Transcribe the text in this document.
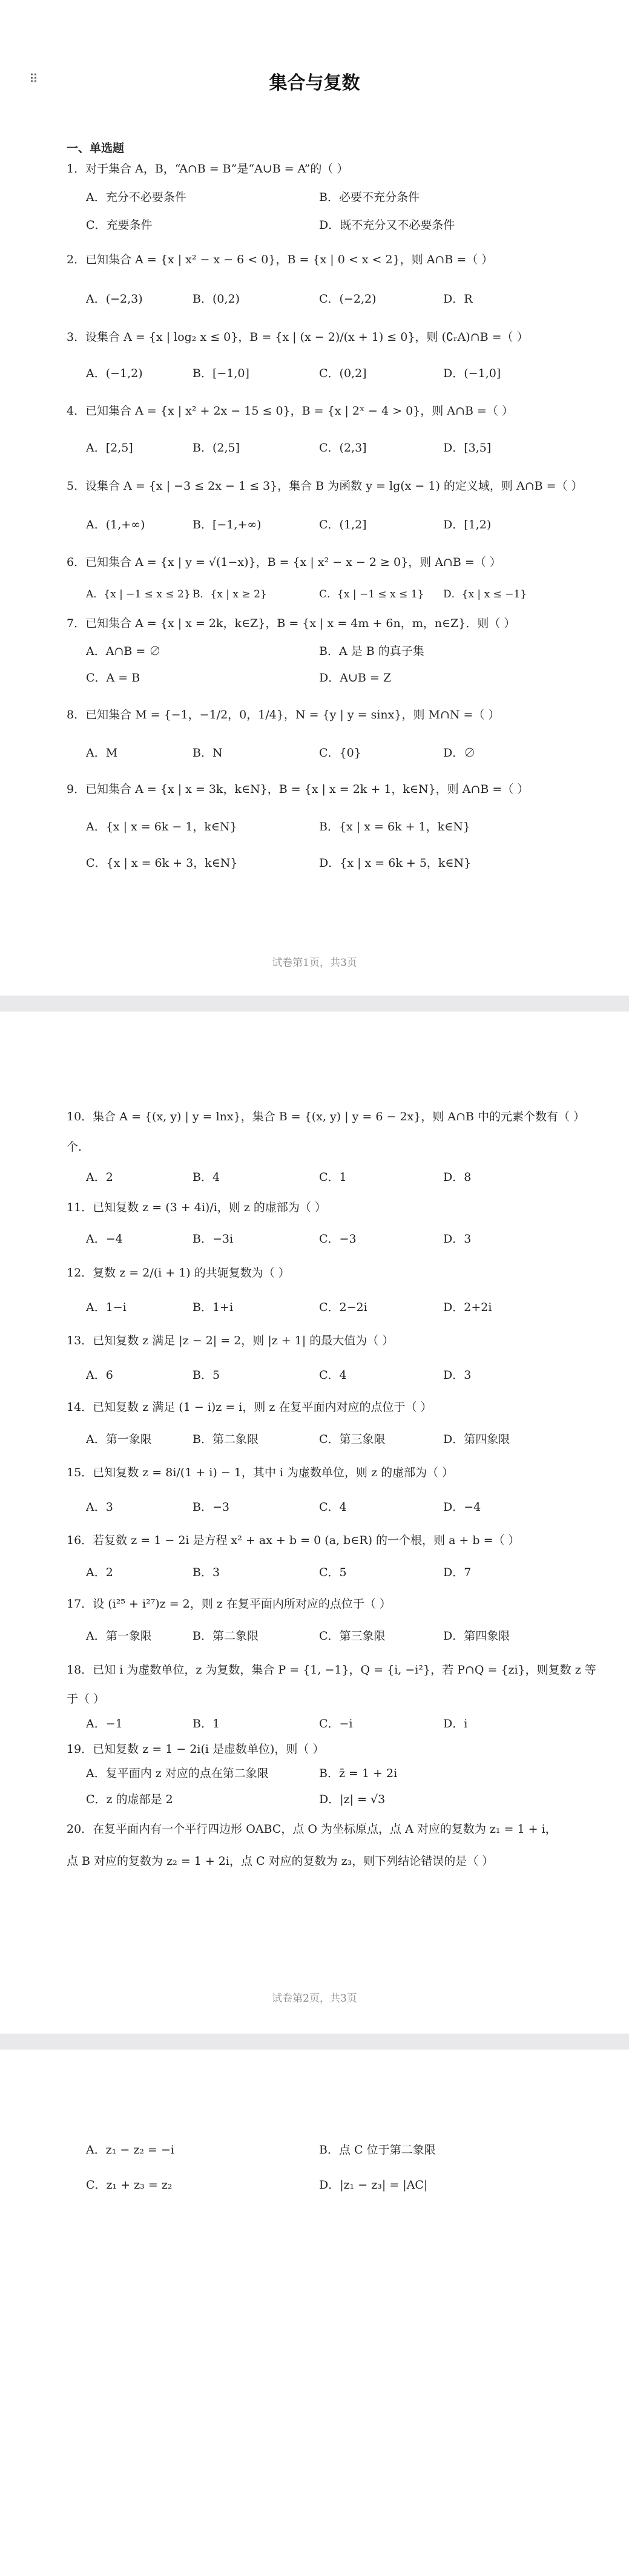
⠿	集合与复数
一、单选题
1．对于集合 A，B，“A∩B = B”是“A∪B = A”的（ ）
A．充分不必要条件	B．必要不充分条件
C．充要条件	D．既不充分又不必要条件
2．已知集合 A = {x | x² − x − 6 < 0}，B = {x | 0 < x < 2}，则 A∩B =（ ）
A．(−2,3)	B．(0,2)	C．(−2,2)	D．R
3．设集合 A = {x | log₂ x ≤ 0}，B = {x | (x − 2)/(x + 1) ≤ 0}，则 (∁ᵣA)∩B =（ ）
A．(−1,2)	B．[−1,0]	C．(0,2]	D．(−1,0]
4．已知集合 A = {x | x² + 2x − 15 ≤ 0}，B = {x | 2ˣ − 4 > 0}，则 A∩B =（ ）
A．[2,5]	B．(2,5]	C．(2,3]	D．[3,5]
5．设集合 A = {x | −3 ≤ 2x − 1 ≤ 3}，集合 B 为函数 y = lg(x − 1) 的定义域，则 A∩B =（ ）
A．(1,+∞)	B．[−1,+∞)	C．(1,2]	D．[1,2)
6．已知集合 A = {x | y = √(1−x)}，B = {x | x² − x − 2 ≥ 0}，则 A∩B =（ ）
A．{x | −1 ≤ x ≤ 2} B．{x | x ≥ 2}	C．{x | −1 ≤ x ≤ 1} D．{x | x ≤ −1}
7．已知集合 A = {x | x = 2k，k∈Z}，B = {x | x = 4m + 6n，m，n∈Z}．则（ ）
A．A∩B = ∅	B．A 是 B 的真子集
C．A = B	D．A∪B = Z
8．已知集合 M = {−1，−1/2，0，1/4}，N = {y | y = sinx}，则 M∩N =（ ）
A．M	B．N	C．{0}	D．∅
9．已知集合 A = {x | x = 3k，k∈N}，B = {x | x = 2k + 1，k∈N}，则 A∩B =（ ）
A．{x | x = 6k − 1，k∈N}	B．{x | x = 6k + 1，k∈N}
C．{x | x = 6k + 3，k∈N}	D．{x | x = 6k + 5，k∈N}
试卷第1页，共3页
10．集合 A = {(x, y) | y = lnx}，集合 B = {(x, y) | y = 6 − 2x}，则 A∩B 中的元素个数有（ ）
个.
A．2	B．4	C．1	D．8
11．已知复数 z = (3 + 4i)/i，则 z 的虚部为（ ）
A．−4	B．−3i	C．−3	D．3
12．复数 z = 2/(i + 1) 的共轭复数为（ ）
A．1−i	B．1+i	C．2−2i	D．2+2i
13．已知复数 z 满足 |z − 2| = 2，则 |z + 1| 的最大值为（ ）
A．6	B．5	C．4	D．3
14．已知复数 z 满足 (1 − i)z = i，则 z 在复平面内对应的点位于（ ）
A．第一象限	B．第二象限	C．第三象限	D．第四象限
15．已知复数 z = 8i/(1 + i) − 1，其中 i 为虚数单位，则 z 的虚部为（ ）
A．3	B．−3	C．4	D．−4
16．若复数 z = 1 − 2i 是方程 x² + ax + b = 0 (a, b∈R) 的一个根，则 a + b =（ ）
A．2	B．3	C．5	D．7
17．设 (i²⁵ + i²⁷)z = 2，则 z 在复平面内所对应的点位于（ ）
A．第一象限	B．第二象限	C．第三象限	D．第四象限
18．已知 i 为虚数单位，z 为复数，集合 P = {1, −1}，Q = {i, −i²}，若 P∩Q = {zi}，则复数 z 等
于（ ）
A．−1	B．1	C．−i	D．i
19．已知复数 z = 1 − 2i(i 是虚数单位)，则（ ）
A．复平面内 z 对应的点在第二象限	B．z̄ = 1 + 2i
C．z 的虚部是 2	D．|z| = √3
20．在复平面内有一个平行四边形 OABC，点 O 为坐标原点，点 A 对应的复数为 z₁ = 1 + i，
点 B 对应的复数为 z₂ = 1 + 2i，点 C 对应的复数为 z₃，则下列结论错误的是（ ）
试卷第2页，共3页
A．z₁ − z₂ = −i	B．点 C 位于第二象限
C．z₁ + z₃ = z₂	D．|z₁ − z₃| = |AC|
